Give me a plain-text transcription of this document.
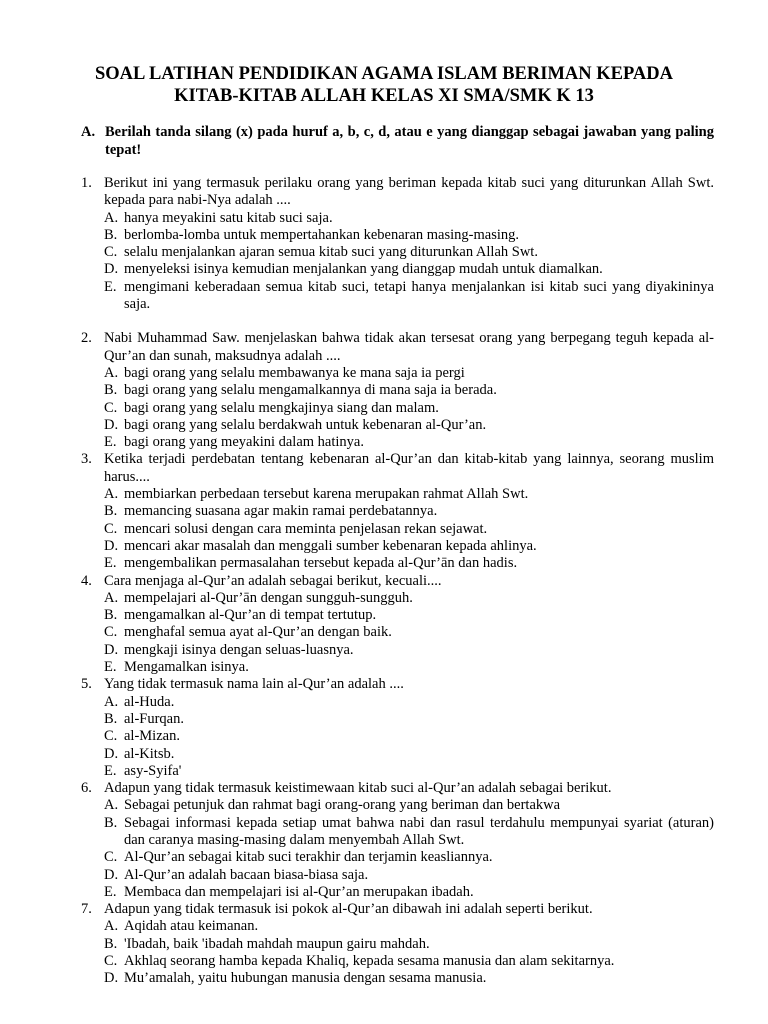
SOAL LATIHAN PENDIDIKAN AGAMA ISLAM BERIMAN KEPADA
KITAB-KITAB ALLAH KELAS XI SMA/SMK K 13
A. Berilah tanda silang (x) pada huruf a, b, c, d, atau e yang dianggap sebagai jawaban yang paling tepat!
1. Berikut ini yang termasuk perilaku orang yang beriman kepada kitab suci yang diturunkan Allah Swt. kepada para nabi-Nya adalah ....
A. hanya meyakini satu kitab suci saja.
B. berlomba-lomba untuk mempertahankan kebenaran masing-masing.
C. selalu menjalankan ajaran semua kitab suci yang diturunkan Allah Swt.
D. menyeleksi isinya kemudian menjalankan yang dianggap mudah untuk diamalkan.
E. mengimani keberadaan semua kitab suci, tetapi hanya menjalankan isi kitab suci yang diyakininya saja.
2. Nabi Muhammad Saw. menjelaskan bahwa tidak akan tersesat orang yang berpegang teguh kepada al-Qur’an dan sunah, maksudnya adalah ....
A. bagi orang yang selalu membawanya ke mana saja ia pergi
B. bagi orang yang selalu mengamalkannya di mana saja ia berada.
C. bagi orang yang selalu mengkajinya siang dan malam.
D. bagi orang yang selalu berdakwah untuk kebenaran al-Qur’an.
E. bagi orang yang meyakini dalam hatinya.
3. Ketika terjadi perdebatan tentang kebenaran al-Qur’an dan kitab-kitab yang lainnya, seorang muslim harus....
A. membiarkan perbedaan tersebut karena merupakan rahmat Allah Swt.
B. memancing suasana agar makin ramai perdebatannya.
C. mencari solusi dengan cara meminta penjelasan rekan sejawat.
D. mencari akar masalah dan menggali sumber kebenaran kepada ahlinya.
E. mengembalikan permasalahan tersebut kepada al-Qur’ān dan hadis.
4. Cara menjaga al-Qur’an adalah sebagai berikut, kecuali....
A. mempelajari al-Qur’ān dengan sungguh-sungguh.
B. mengamalkan al-Qur’an di tempat tertutup.
C. menghafal semua ayat al-Qur’an dengan baik.
D. mengkaji isinya dengan seluas-luasnya.
E. Mengamalkan isinya.
5. Yang tidak termasuk nama lain al-Qur’an adalah ....
A. al-Huda.
B. al-Furqan.
C. al-Mizan.
D. al-Kitsb.
E. asy-Syifa'
6. Adapun yang tidak termasuk keistimewaan kitab suci al-Qur’an adalah sebagai berikut.
A. Sebagai petunjuk dan rahmat bagi orang-orang yang beriman dan bertakwa
B. Sebagai informasi kepada setiap umat bahwa nabi dan rasul terdahulu mempunyai syariat (aturan) dan caranya masing-masing dalam menyembah Allah Swt.
C. Al-Qur’an sebagai kitab suci terakhir dan terjamin keasliannya.
D. Al-Qur’an adalah bacaan biasa-biasa saja.
E. Membaca dan mempelajari isi al-Qur’an merupakan ibadah.
7. Adapun yang tidak termasuk isi pokok al-Qur’an dibawah ini adalah seperti berikut.
A. Aqidah atau keimanan.
B. 'Ibadah, baik 'ibadah mahdah maupun gairu mahdah.
C. Akhlaq seorang hamba kepada Khaliq, kepada sesama manusia dan alam sekitarnya.
D. Mu’amalah, yaitu hubungan manusia dengan sesama manusia.
